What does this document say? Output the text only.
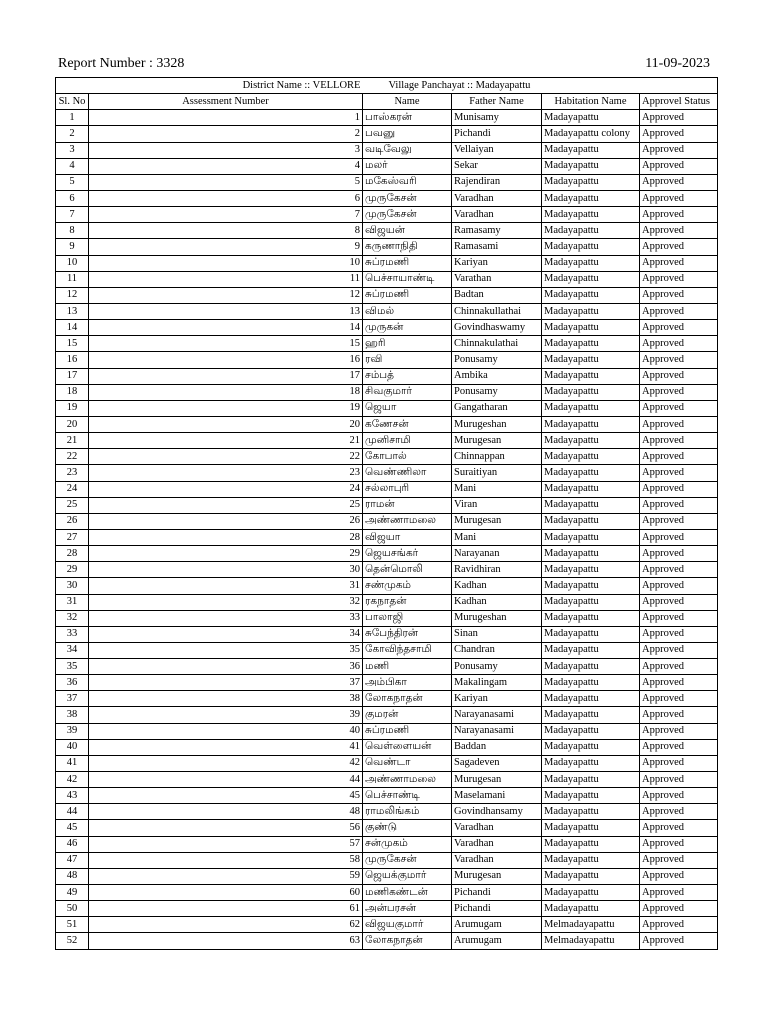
Report Number : 3328	11-09-2023
District Name :: VELLORE Village Panchayat :: Madayapattu					
Sl. No	Assessment Number	Name	Father Name	Habitation Name	Approvel Status
1	1	பாஸ்கரன்	Munisamy	Madayapattu	Approved
2	2	பவனு	Pichandi	Madayapattu colony	Approved
3	3	வடிவேலு	Vellaiyan	Madayapattu	Approved
4	4	மலர்	Sekar	Madayapattu	Approved
5	5	மகேஸ்வரி	Rajendiran	Madayapattu	Approved
6	6	முருகேசன்	Varadhan	Madayapattu	Approved
7	7	முருகேசன்	Varadhan	Madayapattu	Approved
8	8	விஜயன்	Ramasamy	Madayapattu	Approved
9	9	கருணாநிதி	Ramasami	Madayapattu	Approved
10	10	சுப்ரமணி	Kariyan	Madayapattu	Approved
11	11	பெச்சாயாண்டி	Varathan	Madayapattu	Approved
12	12	சுப்ரமணி	Badtan	Madayapattu	Approved
13	13	விமல்	Chinnakullathai	Madayapattu	Approved
14	14	முருகன்	Govindhaswamy	Madayapattu	Approved
15	15	ஹரி	Chinnakulathai	Madayapattu	Approved
16	16	ரவி	Ponusamy	Madayapattu	Approved
17	17	சம்பத்	Ambika	Madayapattu	Approved
18	18	சிவகுமார்	Ponusamy	Madayapattu	Approved
19	19	ஜெயா	Gangatharan	Madayapattu	Approved
20	20	கணேசன்	Murugeshan	Madayapattu	Approved
21	21	முனிசாமி	Murugesan	Madayapattu	Approved
22	22	கோபால்	Chinnappan	Madayapattu	Approved
23	23	வெண்ணிலா	Suraitiyan	Madayapattu	Approved
24	24	சல்லாபுரி	Mani	Madayapattu	Approved
25	25	ராமன்	Viran	Madayapattu	Approved
26	26	அண்ணாமலை	Murugesan	Madayapattu	Approved
27	28	விஜயா	Mani	Madayapattu	Approved
28	29	ஜெயசங்கர்	Narayanan	Madayapattu	Approved
29	30	தென்மொலி	Ravidhiran	Madayapattu	Approved
30	31	சண்முகம்	Kadhan	Madayapattu	Approved
31	32	ரகநாதன்	Kadhan	Madayapattu	Approved
32	33	பாலாஜி	Murugeshan	Madayapattu	Approved
33	34	சுபேந்திரன்	Sinan	Madayapattu	Approved
34	35	கோவிந்தசாமி	Chandran	Madayapattu	Approved
35	36	மணி	Ponusamy	Madayapattu	Approved
36	37	அம்பிகா	Makalingam	Madayapattu	Approved
37	38	லோகநாதன்	Kariyan	Madayapattu	Approved
38	39	குமரன்	Narayanasami	Madayapattu	Approved
39	40	சுப்ரமணி	Narayanasami	Madayapattu	Approved
40	41	வெள்ளையன்	Baddan	Madayapattu	Approved
41	42	வெண்டா	Sagadeven	Madayapattu	Approved
42	44	அண்ணாமலை	Murugesan	Madayapattu	Approved
43	45	பெச்சாண்டி	Maselamani	Madayapattu	Approved
44	48	ராமலிங்கம்	Govindhansamy	Madayapattu	Approved
45	56	குண்டு	Varadhan	Madayapattu	Approved
46	57	சன்முகம்	Varadhan	Madayapattu	Approved
47	58	முருகேசன்	Varadhan	Madayapattu	Approved
48	59	ஜெயக்குமார்	Murugesan	Madayapattu	Approved
49	60	மணிகண்டன்	Pichandi	Madayapattu	Approved
50	61	அன்பரசன்	Pichandi	Madayapattu	Approved
51	62	விஜயகுமார்	Arumugam	Melmadayapattu	Approved
52	63	லோகநாதன்	Arumugam	Melmadayapattu	Approved
